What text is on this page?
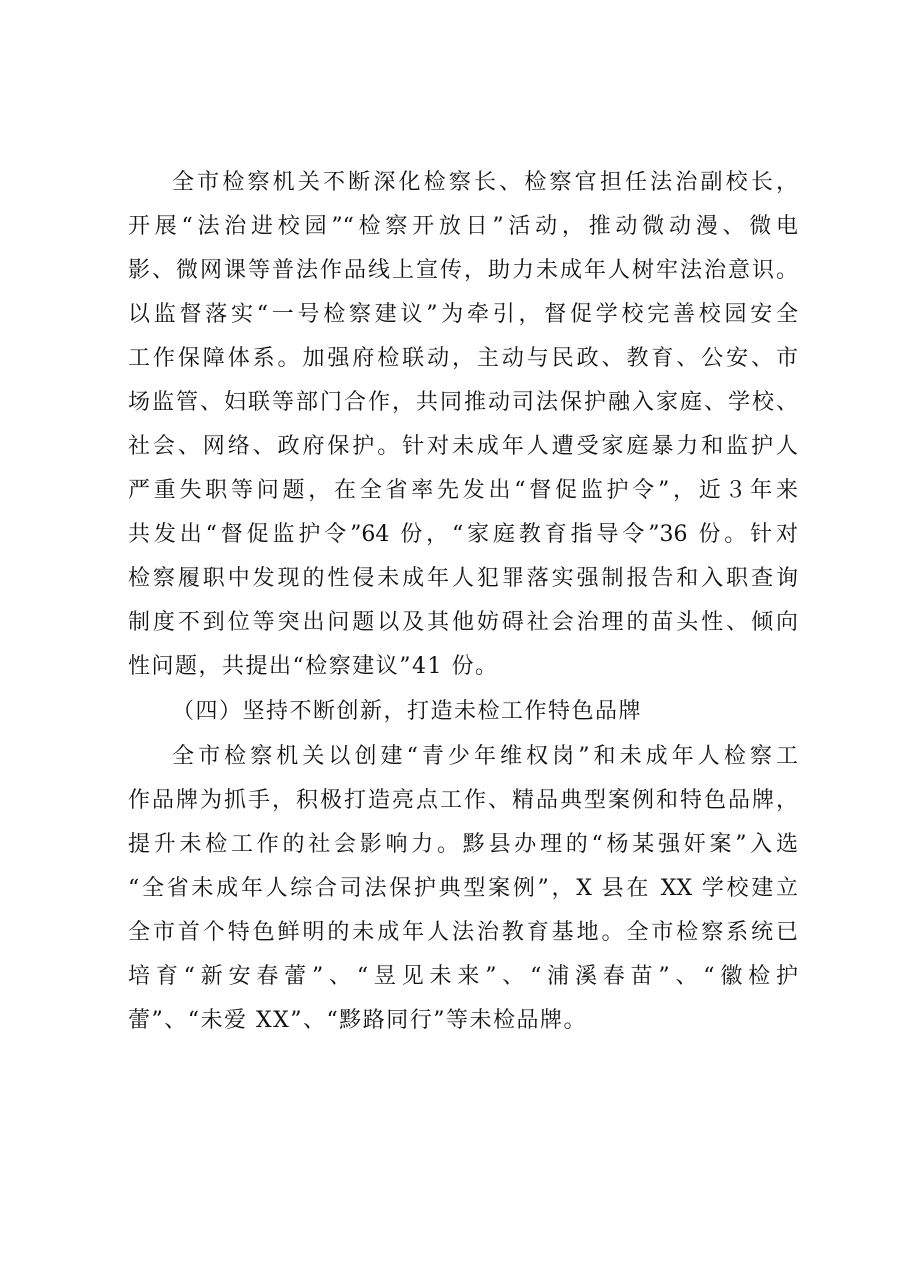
全市检察机关不断深化检察长、检察官担任法治副校长，
开展“法治进校园”“检察开放日”活动，推动微动漫、微电
影、微网课等普法作品线上宣传，助力未成年人树牢法治意识。
以监督落实“一号检察建议”为牵引，督促学校完善校园安全
工作保障体系。加强府检联动，主动与民政、教育、公安、市
场监管、妇联等部门合作，共同推动司法保护融入家庭、学校、
社会、网络、政府保护。针对未成年人遭受家庭暴力和监护人
严重失职等问题，在全省率先发出“督促监护令”，近３年来
共发出“督促监护令”64 份，“家庭教育指导令”36 份。针对
检察履职中发现的性侵未成年人犯罪落实强制报告和入职查询
制度不到位等突出问题以及其他妨碍社会治理的苗头性、倾向
性问题，共提出“检察建议”41 份。
（四）坚持不断创新，打造未检工作特色品牌
全市检察机关以创建“青少年维权岗”和未成年人检察工
作品牌为抓手，积极打造亮点工作、精品典型案例和特色品牌，
提升未检工作的社会影响力。黟县办理的“杨某强奸案”入选
“全省未成年人综合司法保护典型案例”，X 县在 XX 学校建立
全市首个特色鲜明的未成年人法治教育基地。全市检察系统已
培育“新安春蕾”、“昱见未来”、“浦溪春苗”、“徽检护
蕾”、“未爱 XX”、“黟路同行”等未检品牌。
